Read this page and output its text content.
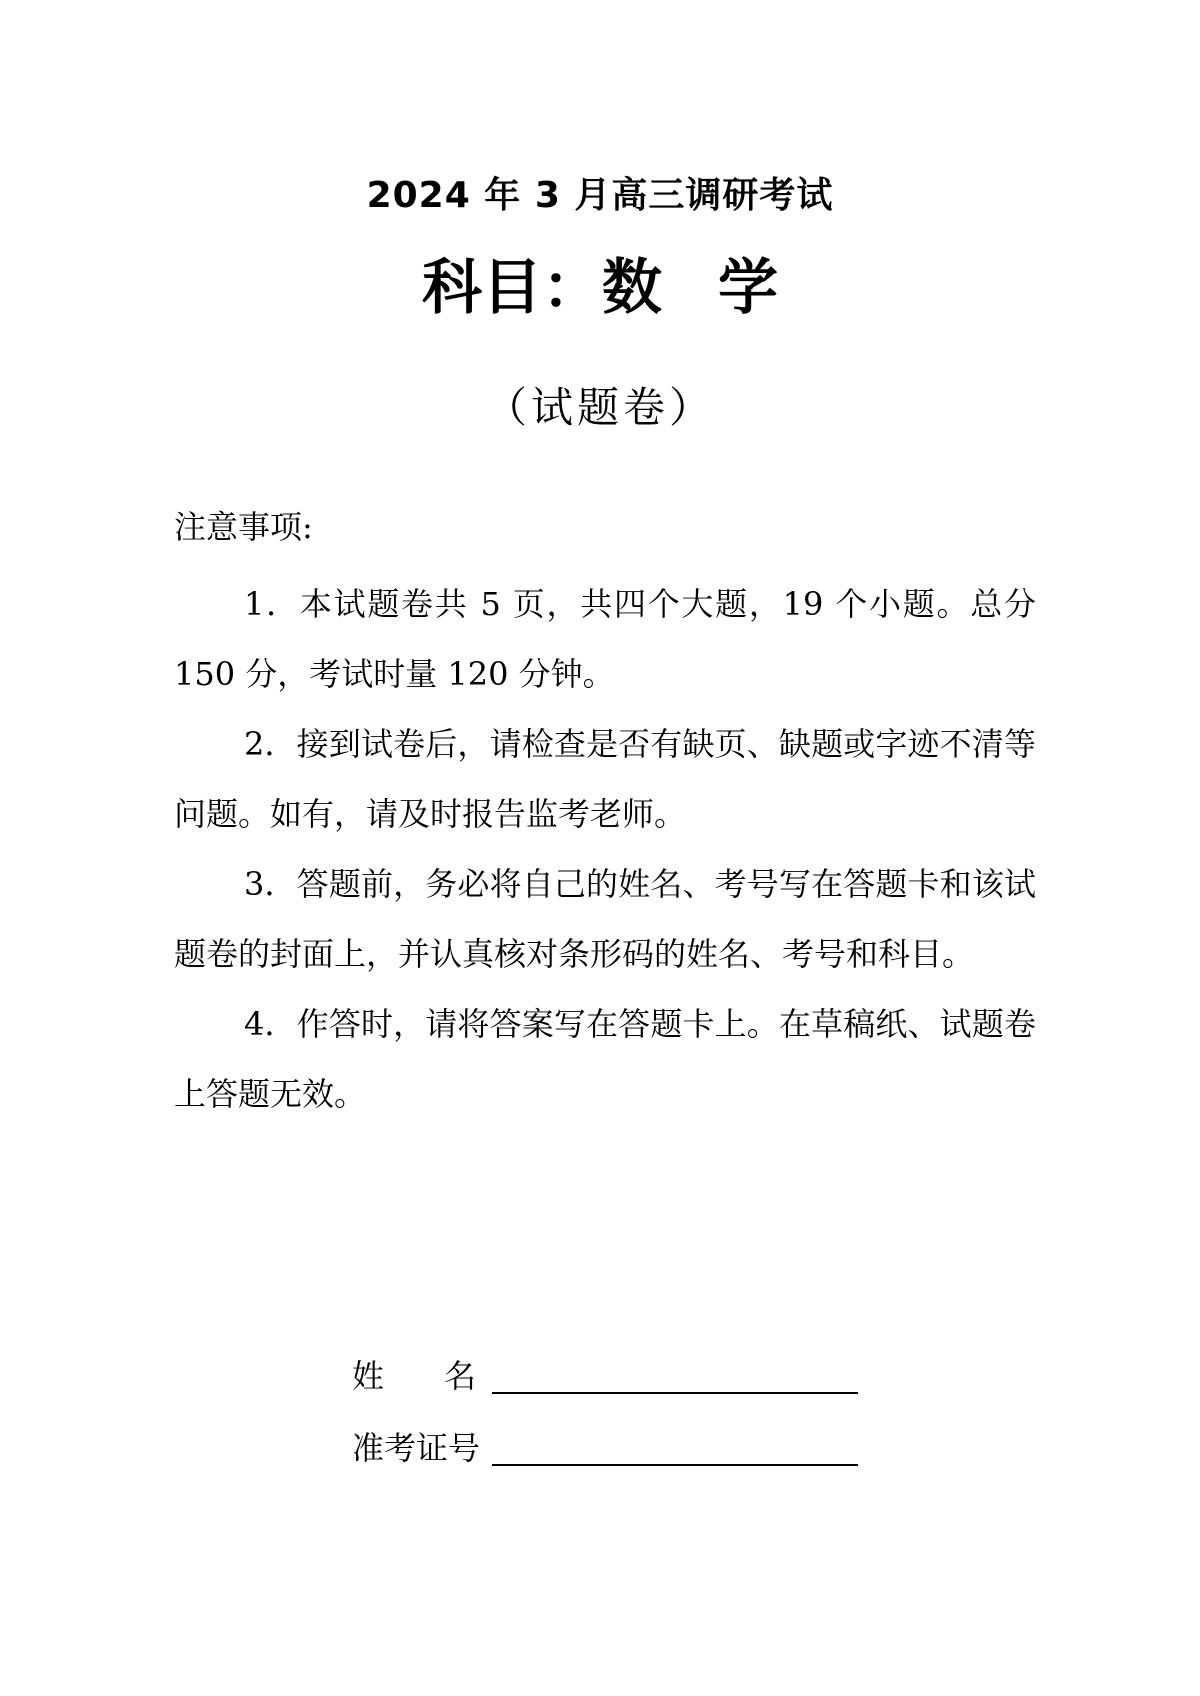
2024 年 3 月高三调研考试
科目：数 学
（试题卷）
注意事项:

1．本试题卷共 5 页，共四个大题，19 个小题。总分 150 分，考试时量 120 分钟。

2．接到试卷后，请检查是否有缺页、缺题或字迹不清等问题。如有，请及时报告监考老师。

3．答题前，务必将自己的姓名、考号写在答题卡和该试题卷的封面上，并认真核对条形码的姓名、考号和科目。

4．作答时，请将答案写在答题卡上。在草稿纸、试题卷上答题无效。

姓名
准考证号
